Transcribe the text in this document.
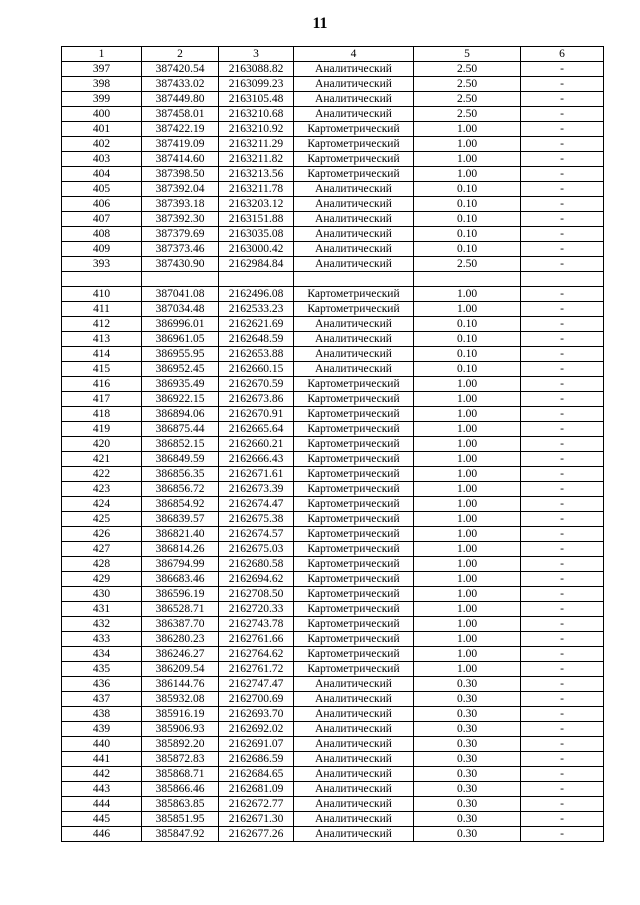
11
1	2	3	4	5	6
397	387420.54	2163088.82	Аналитический	2.50	-
398	387433.02	2163099.23	Аналитический	2.50	-
399	387449.80	2163105.48	Аналитический	2.50	-
400	387458.01	2163210.68	Аналитический	2.50	-
401	387422.19	2163210.92	Картометрический	1.00	-
402	387419.09	2163211.29	Картометрический	1.00	-
403	387414.60	2163211.82	Картометрический	1.00	-
404	387398.50	2163213.56	Картометрический	1.00	-
405	387392.04	2163211.78	Аналитический	0.10	-
406	387393.18	2163203.12	Аналитический	0.10	-
407	387392.30	2163151.88	Аналитический	0.10	-
408	387379.69	2163035.08	Аналитический	0.10	-
409	387373.46	2163000.42	Аналитический	0.10	-
393	387430.90	2162984.84	Аналитический	2.50	-

410	387041.08	2162496.08	Картометрический	1.00	-
411	387034.48	2162533.23	Картометрический	1.00	-
412	386996.01	2162621.69	Аналитический	0.10	-
413	386961.05	2162648.59	Аналитический	0.10	-
414	386955.95	2162653.88	Аналитический	0.10	-
415	386952.45	2162660.15	Аналитический	0.10	-
416	386935.49	2162670.59	Картометрический	1.00	-
417	386922.15	2162673.86	Картометрический	1.00	-
418	386894.06	2162670.91	Картометрический	1.00	-
419	386875.44	2162665.64	Картометрический	1.00	-
420	386852.15	2162660.21	Картометрический	1.00	-
421	386849.59	2162666.43	Картометрический	1.00	-
422	386856.35	2162671.61	Картометрический	1.00	-
423	386856.72	2162673.39	Картометрический	1.00	-
424	386854.92	2162674.47	Картометрический	1.00	-
425	386839.57	2162675.38	Картометрический	1.00	-
426	386821.40	2162674.57	Картометрический	1.00	-
427	386814.26	2162675.03	Картометрический	1.00	-
428	386794.99	2162680.58	Картометрический	1.00	-
429	386683.46	2162694.62	Картометрический	1.00	-
430	386596.19	2162708.50	Картометрический	1.00	-
431	386528.71	2162720.33	Картометрический	1.00	-
432	386387.70	2162743.78	Картометрический	1.00	-
433	386280.23	2162761.66	Картометрический	1.00	-
434	386246.27	2162764.62	Картометрический	1.00	-
435	386209.54	2162761.72	Картометрический	1.00	-
436	386144.76	2162747.47	Аналитический	0.30	-
437	385932.08	2162700.69	Аналитический	0.30	-
438	385916.19	2162693.70	Аналитический	0.30	-
439	385906.93	2162692.02	Аналитический	0.30	-
440	385892.20	2162691.07	Аналитический	0.30	-
441	385872.83	2162686.59	Аналитический	0.30	-
442	385868.71	2162684.65	Аналитический	0.30	-
443	385866.46	2162681.09	Аналитический	0.30	-
444	385863.85	2162672.77	Аналитический	0.30	-
445	385851.95	2162671.30	Аналитический	0.30	-
446	385847.92	2162677.26	Аналитический	0.30	-
